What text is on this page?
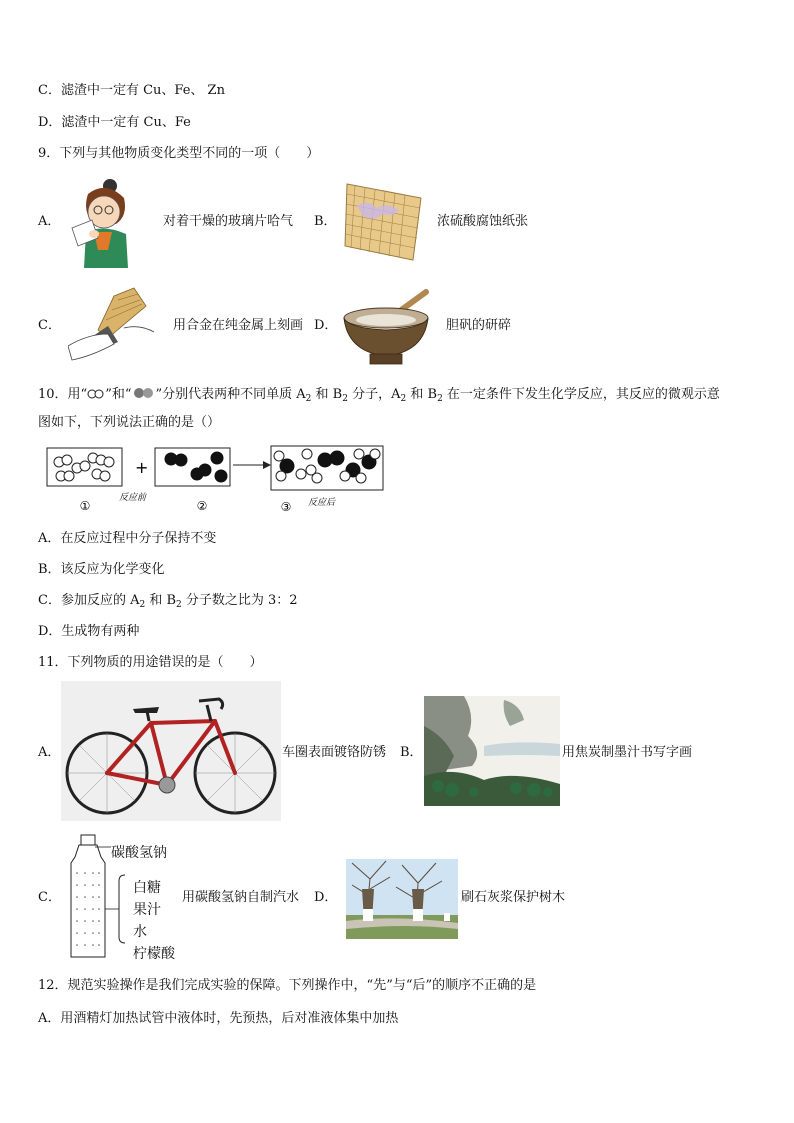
C．滤渣中一定有 Cu、Fe、 Zn
D．滤渣中一定有 Cu、Fe
9．下列与其他物质变化类型不同的一项（　　）
A．	对着干燥的玻璃片哈气 B．	浓硫酸腐蚀纸张
C．	用合金在纯金属上刻画 D．	胆矾的研碎
10．用“ ”和“ ”分别代表两种不同单质 $A_2$ 和 $B_2$ 分子，$A_2$ 和 $B_2$ 在一定条件下发生化学反应，其反应的微观示意
图如下，下列说法正确的是（）
+
①
反应前
②	③ 反应后
A．在反应过程中分子保持不变
B．该反应为化学变化
C．参加反应的 $A_2$ 和 $B_2$ 分子数之比为 3：2
D．生成物有两种
11．下列物质的用途错误的是（　　）
A．	车圈表面镀铬防锈 B．	用焦炭制墨汁书写字画
C．
碳酸氢钠
白糖
果汁
水
柠檬酸
用碳酸氢钠自制汽水 D．	刷石灰浆保护树木
12．规范实验操作是我们完成实验的保障。下列操作中，“先”与“后”的顺序不正确的是
A．用酒精灯加热试管中液体时，先预热，后对准液体集中加热
